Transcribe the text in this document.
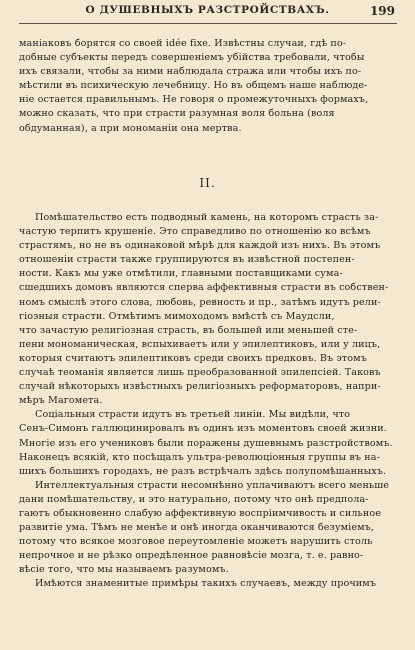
О ДУШЕВНЫХЪ РАЗСТРОЙСТВАХЪ.	199
маніаковъ борятся со своей idée fixe. Извѣстны случаи, гдѣ по-
добные субъекты передъ совершеніемъ убійства требовали, чтобы
ихъ связали, чтобы за ними наблюдала стража или чтобы ихъ по-
мѣстили въ психическую лечебницу. Но въ общемъ наше наблюде-
ніе остается правильнымъ. Не говоря о промежуточныхъ формахъ,
можно сказать, что при страсти разумная воля больна (воля
обдуманная), а при мономаніи она мертва.
II.
Помѣшательство есть подводный камень, на которомъ страсть за-
частую терпитъ крушеніе. Это справедливо по отношенію ко всѣмъ
страстямъ, но не въ одинаковой мѣрѣ для каждой изъ нихъ. Въ этомъ
отношеніи страсти также группируются въ извѣстной постепен-
ности. Какъ мы уже отмѣтили, главными поставщиками сума-
сшедшихъ домовъ являются сперва аффективныя страсти въ собствен-
номъ смыслѣ этого слова, любовь, ревность и пр., затѣмъ идутъ рели-
гіозныя страсти. Отмѣтимъ мимоходомъ вмѣстѣ съ Маудсли,
что зачастую религіозная страсть, въ большей или меньшей сте-
пени мономаническая, вспыхиваетъ или у эпилептиковъ, или у лицъ,
которыя считаютъ эпилептиковъ среди своихъ предковъ. Въ этомъ
случаѣ теоманія является лишь преобразованной эпилепсіей. Таковъ
случай нѣкоторыхъ извѣстныхъ религіозныхъ реформаторовъ, напри-
мѣръ Магомета.
Соціальныя страсти идутъ въ третьей линіи. Мы видѣли, что
Сенъ-Симонъ галлюцинировалъ въ одинъ изъ моментовъ своей жизни.
Многіе изъ его учениковъ были поражены душевнымъ разстройствомъ.
Наконецъ всякій, кто посѣщалъ ультра-революціонныя группы въ на-
шихъ большихъ городахъ, не разъ встрѣчалъ здѣсь полупомѣшанныхъ.
Интеллектуальныя страсти несомнѣнно уплачиваютъ всего меньше
дани помѣшательству, и это натурально, потому что онѣ предпола-
гаютъ обыкновенно слабую аффективную воспріимчивость и сильное
развитіе ума. Тѣмъ не менѣе и онѣ иногда оканчиваются безуміемъ,
потому что всякое мозговое переутомленіе можетъ нарушить столь
непрочное и не рѣзко опредѣленное равновѣсіе мозга, т. е. равно-
вѣсіе того, что мы называемъ разумомъ.
Имѣются знаменитые примѣры такихъ случаевъ, между прочимъ
